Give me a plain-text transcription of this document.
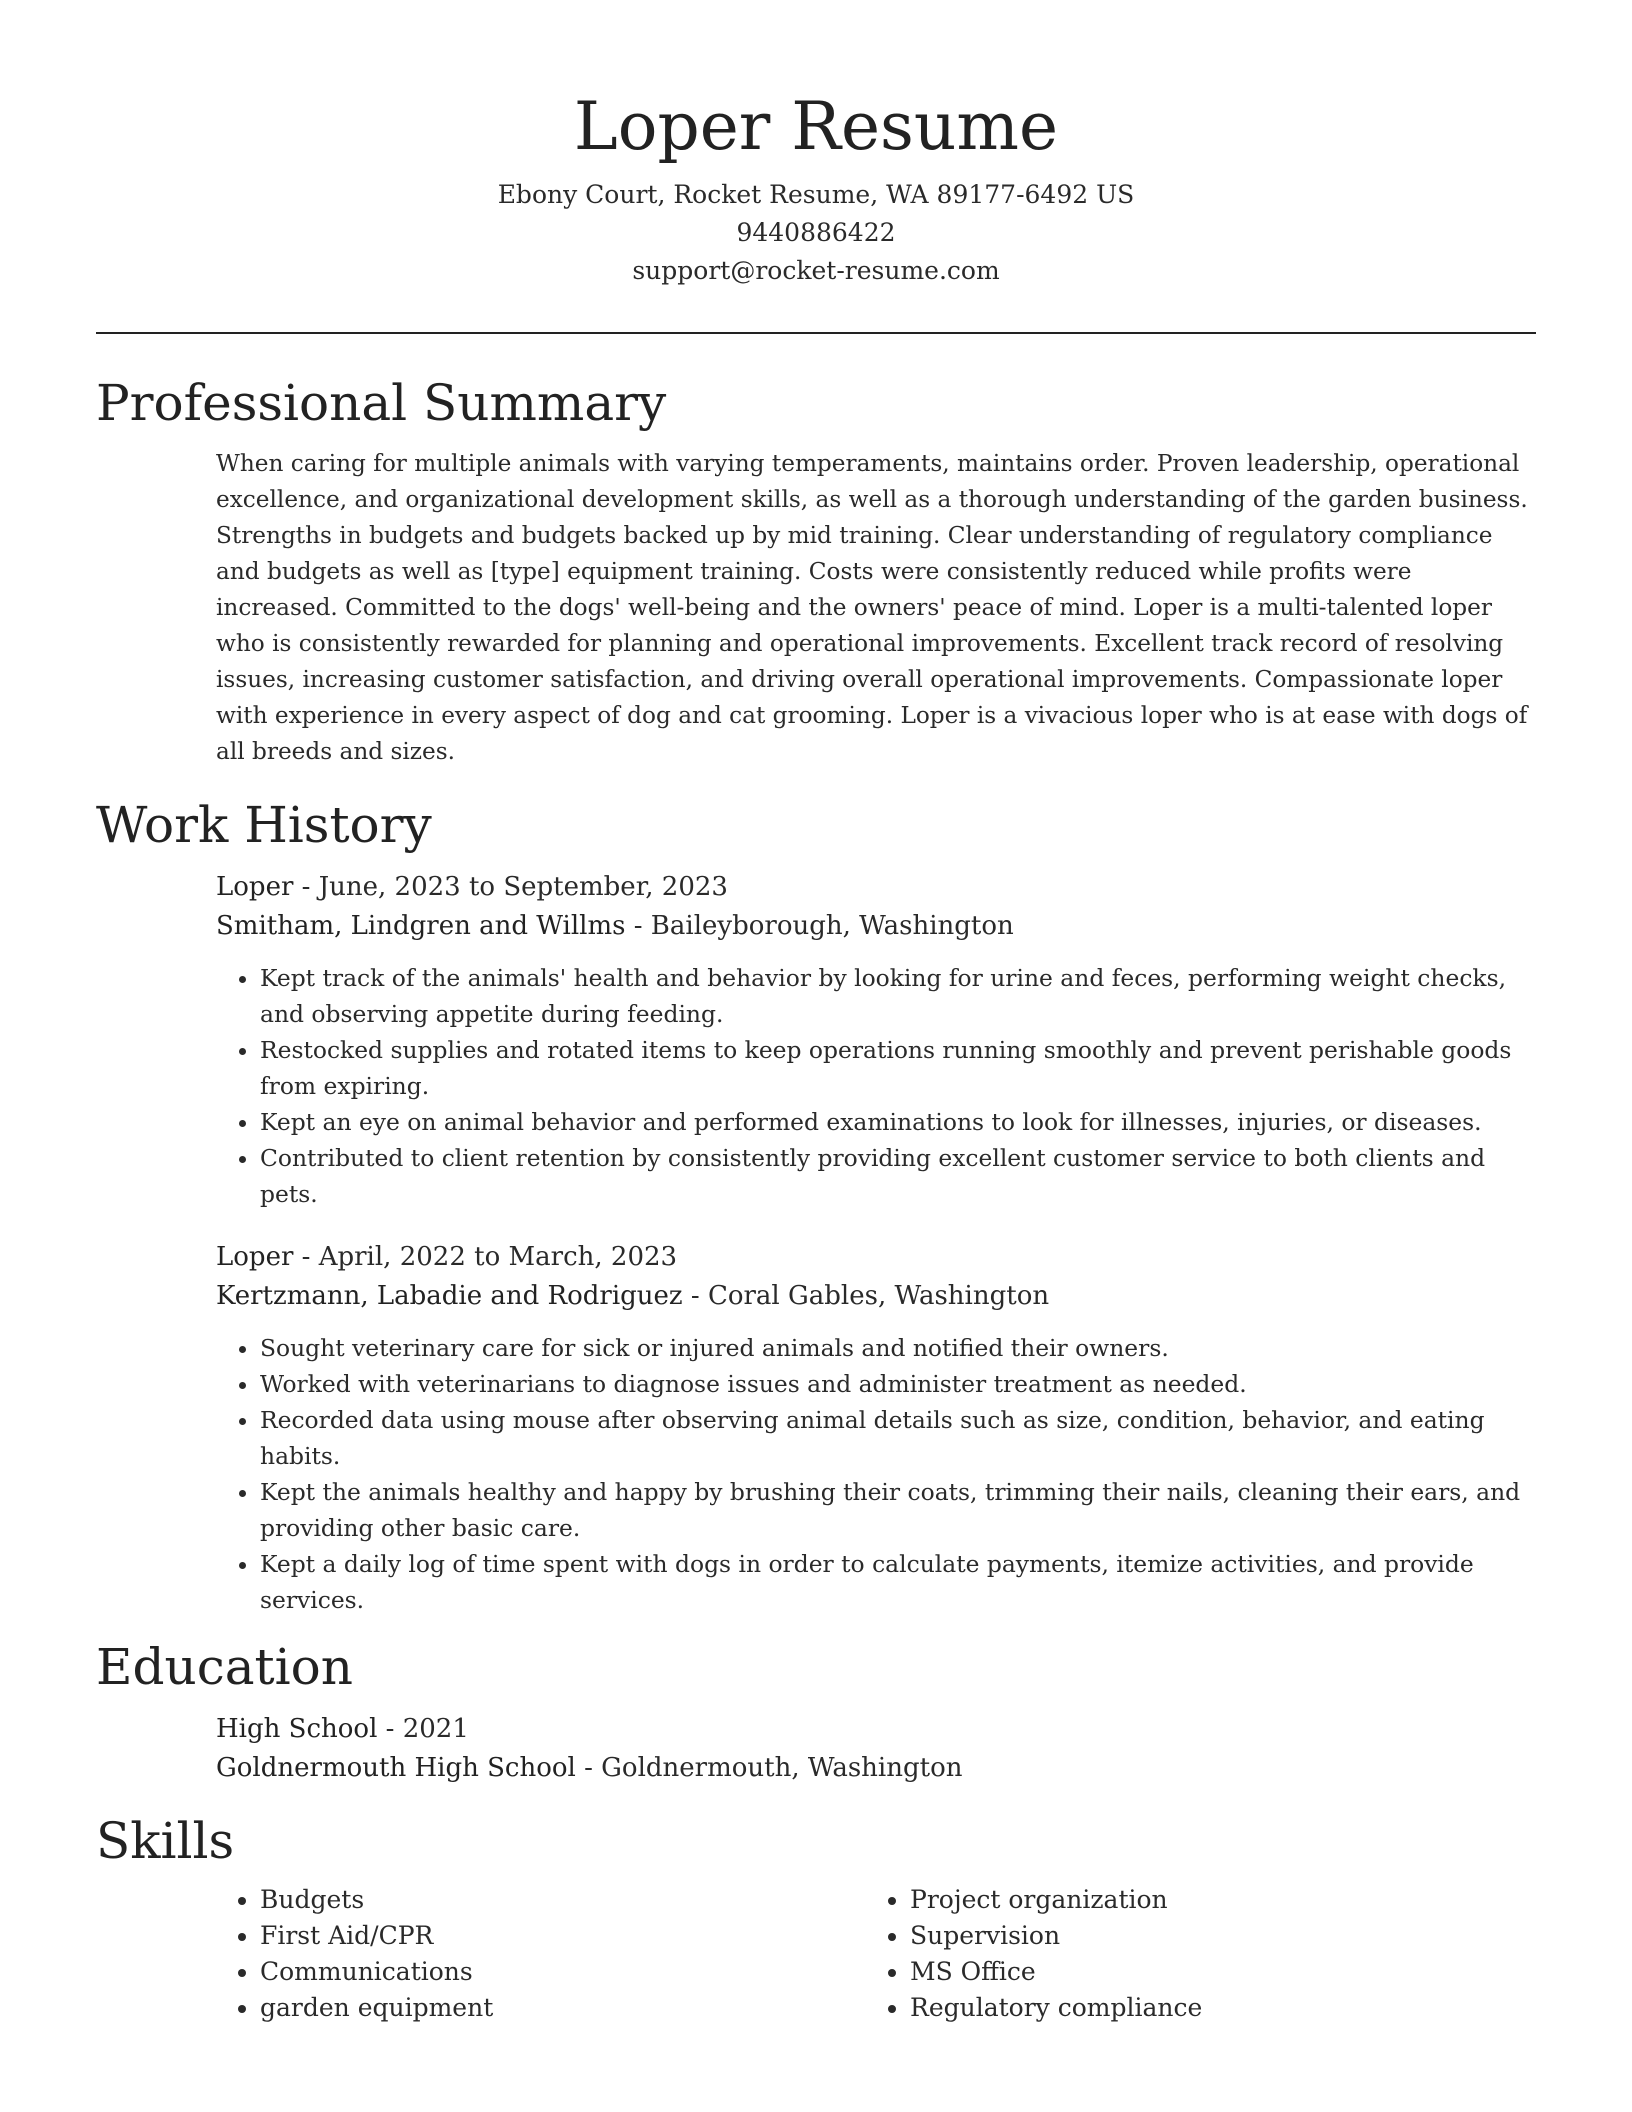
Loper Resume
Ebony Court, Rocket Resume, WA 89177-6492 US
9440886422
support@rocket-resume.com
Professional Summary
When caring for multiple animals with varying temperaments, maintains order. Proven leadership, operational excellence, and organizational development skills, as well as a thorough understanding of the garden business. Strengths in budgets and budgets backed up by mid training. Clear understanding of regulatory compliance and budgets as well as [type] equipment training. Costs were consistently reduced while profits were increased. Committed to the dogs' well-being and the owners' peace of mind. Loper is a multi-talented loper who is consistently rewarded for planning and operational improvements. Excellent track record of resolving issues, increasing customer satisfaction, and driving overall operational improvements. Compassionate loper with experience in every aspect of dog and cat grooming. Loper is a vivacious loper who is at ease with dogs of all breeds and sizes.
Work History
Loper - June, 2023 to September, 2023
Smitham, Lindgren and Willms - Baileyborough, Washington
• Kept track of the animals' health and behavior by looking for urine and feces, performing weight checks, and observing appetite during feeding.
• Restocked supplies and rotated items to keep operations running smoothly and prevent perishable goods from expiring.
• Kept an eye on animal behavior and performed examinations to look for illnesses, injuries, or diseases.
• Contributed to client retention by consistently providing excellent customer service to both clients and pets.
Loper - April, 2022 to March, 2023
Kertzmann, Labadie and Rodriguez - Coral Gables, Washington
• Sought veterinary care for sick or injured animals and notified their owners.
• Worked with veterinarians to diagnose issues and administer treatment as needed.
• Recorded data using mouse after observing animal details such as size, condition, behavior, and eating habits.
• Kept the animals healthy and happy by brushing their coats, trimming their nails, cleaning their ears, and providing other basic care.
• Kept a daily log of time spent with dogs in order to calculate payments, itemize activities, and provide services.
Education
High School - 2021
Goldnermouth High School - Goldnermouth, Washington
Skills
• Budgets
• First Aid/CPR
• Communications
• garden equipment
• Project organization
• Supervision
• MS Office
• Regulatory compliance
